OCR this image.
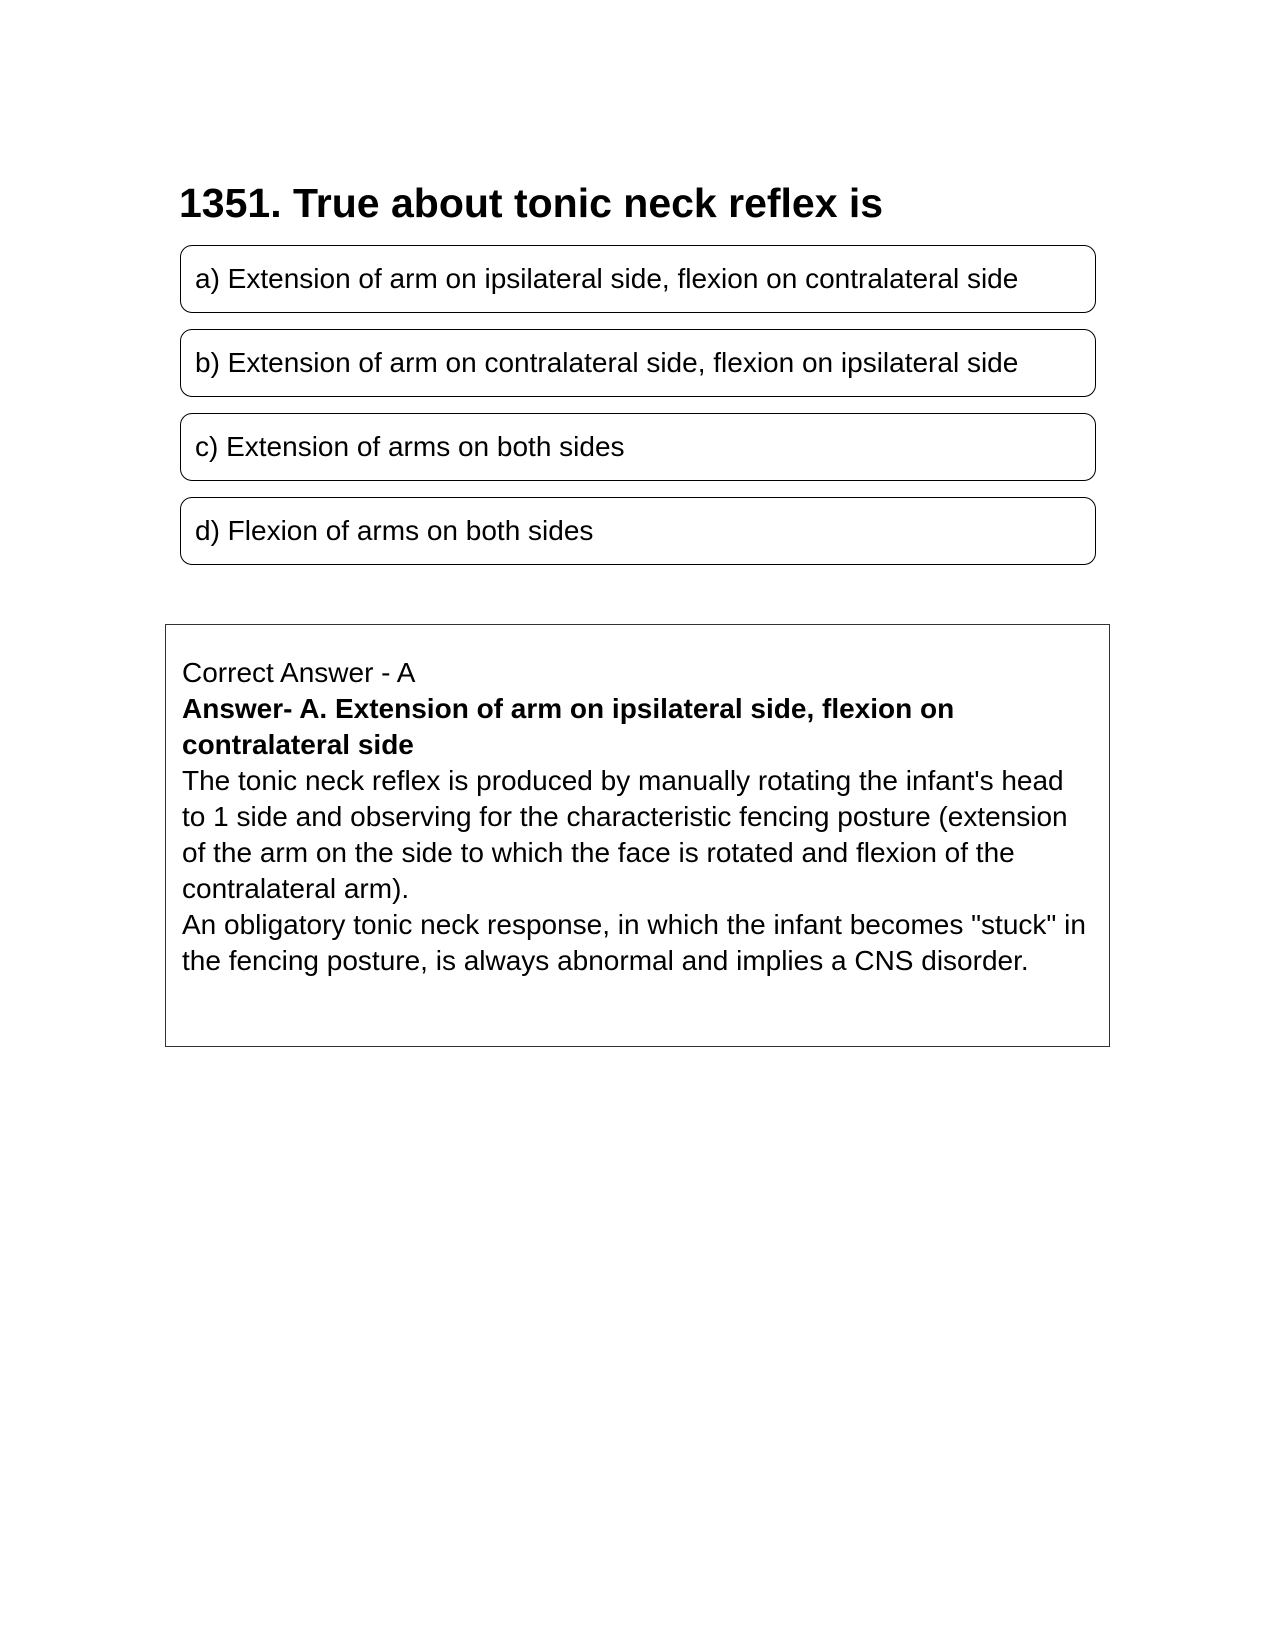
1351. True about tonic neck reflex is
a) Extension of arm on ipsilateral side, flexion on contralateral side
b) Extension of arm on contralateral side, flexion on ipsilateral side
c) Extension of arms on both sides
d) Flexion of arms on both sides

Correct Answer - A

Answer- A. Extension of arm on ipsilateral side, flexion on contralateral side

The tonic neck reflex is produced by manually rotating the infant's head to 1 side and observing for the characteristic fencing posture (extension of the arm on the side to which the face is rotated and flexion of the contralateral arm).

An obligatory tonic neck response, in which the infant becomes "stuck" in the fencing posture, is always abnormal and implies a CNS disorder.
